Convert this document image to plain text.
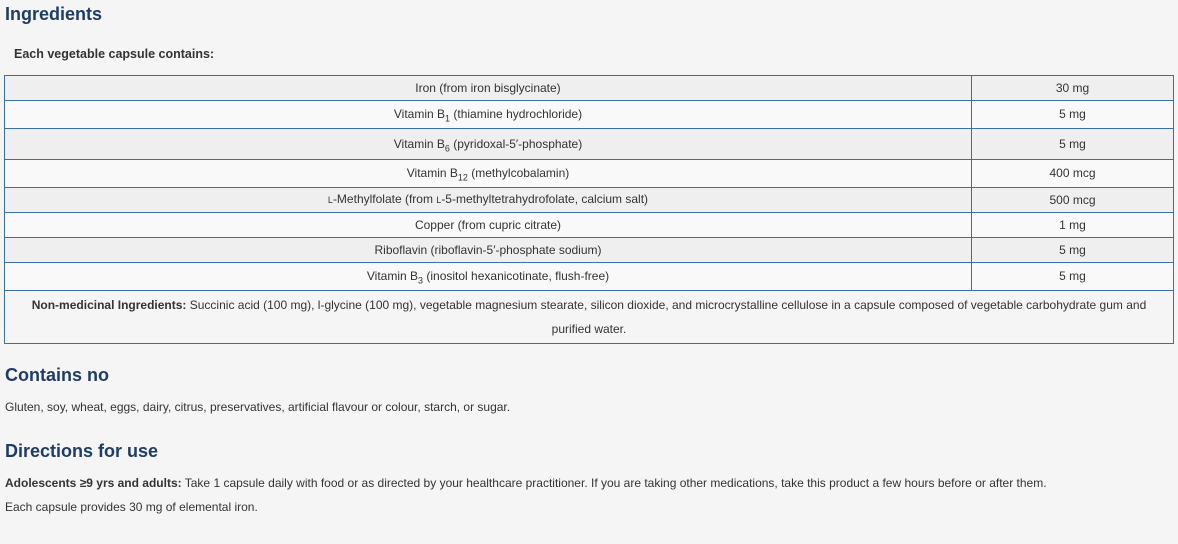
Ingredients
Each vegetable capsule contains:
Iron (from iron bisglycinate)	30 mg
Vitamin $B_1$ (thiamine hydrochloride)	5 mg
Vitamin $B_6$ (pyridoxal-5′-phosphate)	5 mg
Vitamin $B_{12}$ (methylcobalamin)	400 mcg
L-Methylfolate (from L-5-methyltetrahydrofolate, calcium salt)	500 mcg
Copper (from cupric citrate)	1 mg
Riboflavin (riboflavin-5′-phosphate sodium)	5 mg
Vitamin $B_3$ (inositol hexanicotinate, flush-free)	5 mg
Non-medicinal Ingredients: Succinic acid (100 mg), l-glycine (100 mg), vegetable magnesium stearate, silicon dioxide, and microcrystalline cellulose in a capsule composed of vegetable carbohydrate gum and purified water.	
Contains no

Gluten, soy, wheat, eggs, dairy, citrus, preservatives, artificial flavour or colour, starch, or sugar.

Directions for use

Adolescents ≥9 yrs and adults: Take 1 capsule daily with food or as directed by your healthcare practitioner. If you are taking other medications, take this product a few hours before or after them.

Each capsule provides 30 mg of elemental iron.
